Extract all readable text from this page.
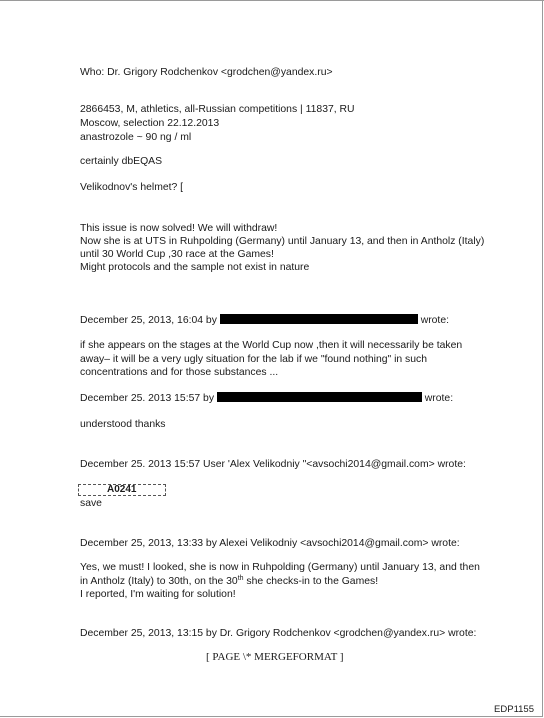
Who: Dr. Grigory Rodchenkov <grodchen@yandex.ru>
2866453, M, athletics, all-Russian competitions | 11837, RU
Moscow, selection 22.12.2013
anastrozole ~ 90 ng / ml
certainly dbEQAS
Velikodnov's helmet? [
This issue is now solved! We will withdraw!
Now she is at UTS in Ruhpolding (Germany) until January 13, and then in Antholz (Italy)
until 30 World Cup ,30 race at the Games!
Might protocols and the sample not exist in nature
December 25, 2013, 16:04 by	wrote:
if she appears on the stages at the World Cup now ,then it will necessarily be taken
away– it will be a very ugly situation for the lab if we "found nothing" in such
concentrations and for those substances ...
December 25. 2013 15:57 by	wrote:
understood thanks
December 25. 2013 15:57 User 'Alex Velikodniy "<avsochi2014@gmail.com> wrote:
A0241
save
December 25, 2013, 13:33 by Alexei Velikodniy <avsochi2014@gmail.com> wrote:
Yes, we must! I looked, she is now in Ruhpolding (Germany) until January 13, and then
in Antholz (Italy) to 30th, on the 30th she checks-in to the Games!
I reported, I'm waiting for solution!
December 25, 2013, 13:15 by Dr. Grigory Rodchenkov <grodchen@yandex.ru> wrote:
[ PAGE \* MERGEFORMAT ]
EDP1155
